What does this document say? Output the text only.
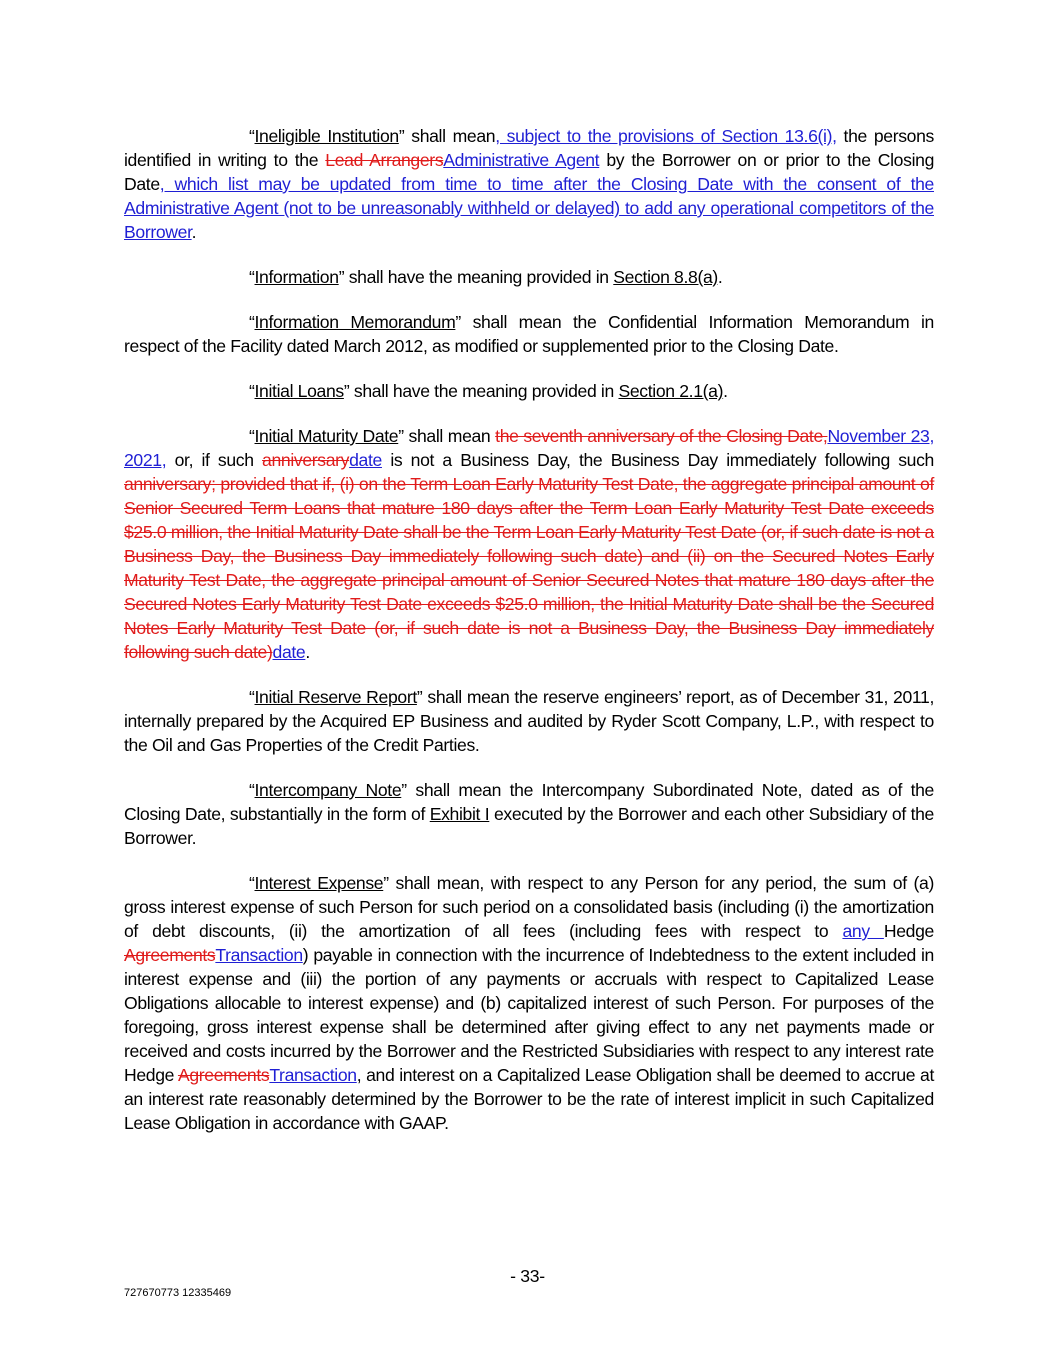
“Ineligible Institution” shall mean, subject to the provisions of Section 13.6(i), the persons identified in writing to the Lead ArrangersAdministrative Agent by the Borrower on or prior to the Closing Date, which list may be updated from time to time after the Closing Date with the consent of the Administrative Agent (not to be unreasonably withheld or delayed) to add any operational competitors of the Borrower.

“Information” shall have the meaning provided in Section 8.8(a).

“Information Memorandum” shall mean the Confidential Information Memorandum in respect of the Facility dated March 2012, as modified or supplemented prior to the Closing Date.

“Initial Loans” shall have the meaning provided in Section 2.1(a).

“Initial Maturity Date” shall mean the seventh anniversary of the Closing Date,November 23, 2021, or, if such anniversarydate is not a Business Day, the Business Day immediately following such anniversary; provided that if, (i) on the Term Loan Early Maturity Test Date, the aggregate principal amount of Senior Secured Term Loans that mature 180 days after the Term Loan Early Maturity Test Date exceeds $25.0 million, the Initial Maturity Date shall be the Term Loan Early Maturity Test Date (or, if such date is not a Business Day, the Business Day immediately following such date) and (ii) on the Secured Notes Early Maturity Test Date, the aggregate principal amount of Senior Secured Notes that mature 180 days after the Secured Notes Early Maturity Test Date exceeds $25.0 million, the Initial Maturity Date shall be the Secured Notes Early Maturity Test Date (or, if such date is not a Business Day, the Business Day immediately following such date)date.

“Initial Reserve Report” shall mean the reserve engineers’ report, as of December 31, 2011, internally prepared by the Acquired EP Business and audited by Ryder Scott Company, L.P., with respect to the Oil and Gas Properties of the Credit Parties.

“Intercompany Note” shall mean the Intercompany Subordinated Note, dated as of the Closing Date, substantially in the form of Exhibit I executed by the Borrower and each other Subsidiary of the Borrower.

“Interest Expense” shall mean, with respect to any Person for any period, the sum of (a) gross interest expense of such Person for such period on a consolidated basis (including (i) the amortization of debt discounts, (ii) the amortization of all fees (including fees with respect to any Hedge AgreementsTransaction) payable in connection with the incurrence of Indebtedness to the extent included in interest expense and (iii) the portion of any payments or accruals with respect to Capitalized Lease Obligations allocable to interest expense) and (b) capitalized interest of such Person. For purposes of the foregoing, gross interest expense shall be determined after giving effect to any net payments made or received and costs incurred by the Borrower and the Restricted Subsidiaries with respect to any interest rate Hedge AgreementsTransaction, and interest on a Capitalized Lease Obligation shall be deemed to accrue at an interest rate reasonably determined by the Borrower to be the rate of interest implicit in such Capitalized Lease Obligation in accordance with GAAP.

- 33-
727670773 12335469
